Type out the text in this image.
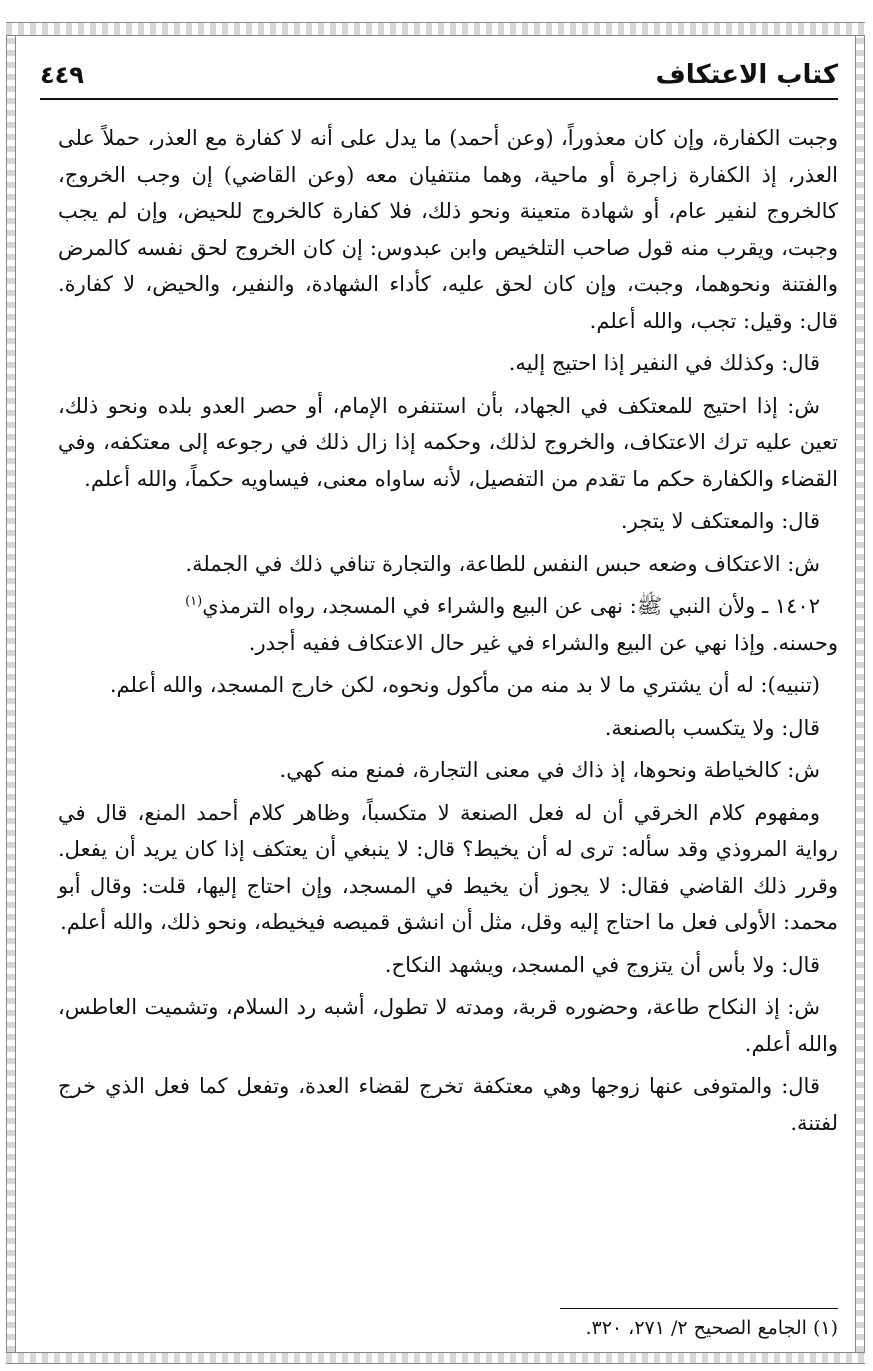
كتاب الاعتكاف
٤٤٩

وجبت الكفارة، وإن كان معذوراً، (وعن أحمد) ما يدل على أنه لا كفارة مع العذر، حملاً على العذر، إذ الكفارة زاجرة أو ماحية، وهما منتفيان معه (وعن القاضي) إن وجب الخروج، كالخروج لنفير عام، أو شهادة متعينة ونحو ذلك، فلا كفارة كالخروج للحيض، وإن لم يجب وجبت، ويقرب منه قول صاحب التلخيص وابن عبدوس: إن كان الخروج لحق نفسه كالمرض والفتنة ونحوهما، وجبت، وإن كان لحق عليه، كأداء الشهادة، والنفير، والحيض، لا كفارة. قال: وقيل: تجب، والله أعلم.

قال: وكذلك في النفير إذا احتيج إليه.

ش: إذا احتيج للمعتكف في الجهاد، بأن استنفره الإمام، أو حصر العدو بلده ونحو ذلك، تعين عليه ترك الاعتكاف، والخروج لذلك، وحكمه إذا زال ذلك في رجوعه إلى معتكفه، وفي القضاء والكفارة حكم ما تقدم من التفصيل، لأنه ساواه معنى، فيساويه حكماً، والله أعلم.

قال: والمعتكف لا يتجر.

ش: الاعتكاف وضعه حبس النفس للطاعة، والتجارة تنافي ذلك في الجملة.

١٤٠٢ ـ ولأن النبي ﷺ: نهى عن البيع والشراء في المسجد، رواه الترمذي$^{(١)}$

وحسنه. وإذا نهي عن البيع والشراء في غير حال الاعتكاف ففيه أجدر.

(تنبيه): له أن يشتري ما لا بد منه من مأكول ونحوه، لكن خارج المسجد، والله أعلم.

قال: ولا يتكسب بالصنعة.

ش: كالخياطة ونحوها، إذ ذاك في معنى التجارة، فمنع منه كهي.

ومفهوم كلام الخرقي أن له فعل الصنعة لا متكسباً، وظاهر كلام أحمد المنع، قال في رواية المروذي وقد سأله: ترى له أن يخيط؟ قال: لا ينبغي أن يعتكف إذا كان يريد أن يفعل. وقرر ذلك القاضي فقال: لا يجوز أن يخيط في المسجد، وإن احتاج إليها، قلت: وقال أبو محمد: الأولى فعل ما احتاج إليه وقل، مثل أن انشق قميصه فيخيطه، ونحو ذلك، والله أعلم.

قال: ولا بأس أن يتزوج في المسجد، ويشهد النكاح.

ش: إذ النكاح طاعة، وحضوره قربة، ومدته لا تطول، أشبه رد السلام، وتشميت العاطس، والله أعلم.

قال: والمتوفى عنها زوجها وهي معتكفة تخرج لقضاء العدة، وتفعل كما فعل الذي خرج لفتنة.

(١) الجامع الصحيح ٢/ ٢٧١، ٣٢٠.
